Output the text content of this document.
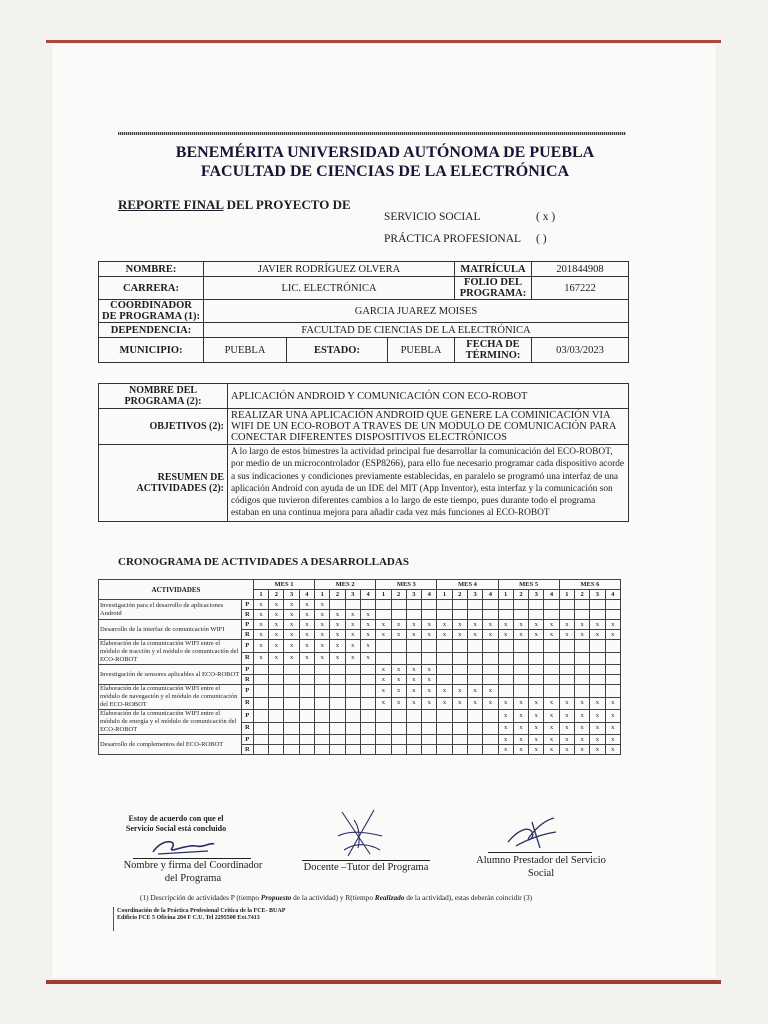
BENEMÉRITA UNIVERSIDAD AUTÓNOMA DE PUEBLA
FACULTAD DE CIENCIAS DE LA ELECTRÓNICA
REPORTE FINAL DEL PROYECTO DE
SERVICIO SOCIAL	( x )
PRÁCTICA PROFESIONAL ( )
NOMBRE:	JAVIER RODRÍGUEZ OLVERA			MATRÍCULA	201844908
CARRERA:	LIC. ELECTRÓNICA			FOLIO DEL PROGRAMA:	167222
COORDINADOR DE PROGRAMA (1):	GARCIA JUAREZ MOISES				
DEPENDENCIA:	FACULTAD DE CIENCIAS DE LA ELECTRÓNICA				
MUNICIPIO:	PUEBLA	ESTADO:	PUEBLA	FECHA DE TÉRMINO:	03/03/2023
NOMBRE DEL PROGRAMA (2):	APLICACIÓN ANDROID Y COMUNICACIÓN CON ECO-ROBOT
OBJETIVOS (2):	REALIZAR UNA APLICACIÓN ANDROID QUE GENERE LA COMINICACIÓN VIA WIFI DE UN ECO-ROBOT A TRAVES DE UN MODULO DE COMUNICACIÓN PARA CONECTAR DIFERENTES DISPOSITIVOS ELECTRÓNICOS
RESUMEN DE ACTIVIDADES (2):	A lo largo de estos bimestres la actividad principal fue desarrollar la comunicación del ECO-ROBOT, por medio de un microcontrolador (ESP8266), para ello fue necesario programar cada dispositivo acorde a sus indicaciones y condiciones previamente establecidas, en paralelo se programó una interfaz de una aplicación Android con ayuda de un IDE del MIT (App Inventor), esta interfaz y la comunicación son códigos que tuvieron diferentes cambios a lo largo de este tiempo, pues durante todo el programa estaban en una continua mejora para añadir cada vez más funciones al ECO-ROBOT
CRONOGRAMA DE ACTIVIDADES A DESARROLLADAS
ACTIVIDADES		MES 1				MES 2				MES 3				MES 4				MES 5				MES 6			
		1	2	3	4	1	2	3	4	1	2	3	4	1	2	3	4	1	2	3	4	1	2	3	4
Investigación para el desarrollo de aplicaciones Android	P	x	x	x	x	x																			
	R	x	x	x	x	x	x	x	x																
Desarrollo de la interfaz de comunicación WIFI	P	x	x	x	x	x	x	x	x	x	x	x	x	x	x	x	x	x	x	x	x	x	x	x	x
	R	x	x	x	x	x	x	x	x	x	x	x	x	x	x	x	x	x	x	x	x	x	x	x	x
Elaboración de la comunicación WIFI entre el módulo de tracción y el módulo de comunicación del ECO-ROBOT	P	x	x	x	x	x	x	x	x																
	R	x	x	x	x	x	x	x	x																
Investigación de sensores aplicables al ECO-ROBOT	P									x	x	x	x												
	R									x	x	x	x												
Elaboración de la comunicación WIFI entre el módulo de navegación y el módulo de comunicación del ECO-ROBOT	P									x	x	x	x	x	x	x	x								
	R									x	x	x	x	x	x	x	x	x	x	x	x	x	x	x	x
Elaboración de la comunicación WIFI entre el módulo de energía y el módulo de comunicación del ECO-ROBOT	P																	x	x	x	x	x	x	x	x
	R																	x	x	x	x	x	x	x	x
Desarrollo de complementos del ECO-ROBOT	P																	x	x	x	x	x	x	x	x
	R																	x	x	x	x	x	x	x	x
Estoy de acuerdo con que el Servicio Social está concluido
Nombre y firma del Coordinador del Programa
Docente –Tutor del Programa
Alumno Prestador del Servicio Social
(1) Descripción de actividades P (tiempo Propuesto de la actividad) y R(tiempo Realizado de la actividad), estas deberán coincidir (3)
Coordinación de la Práctica Profesional Crítica de la FCE- BUAP
Edificio FCE 5 Oficina 204 F C.U. Tel 2295500 Ext.7413
